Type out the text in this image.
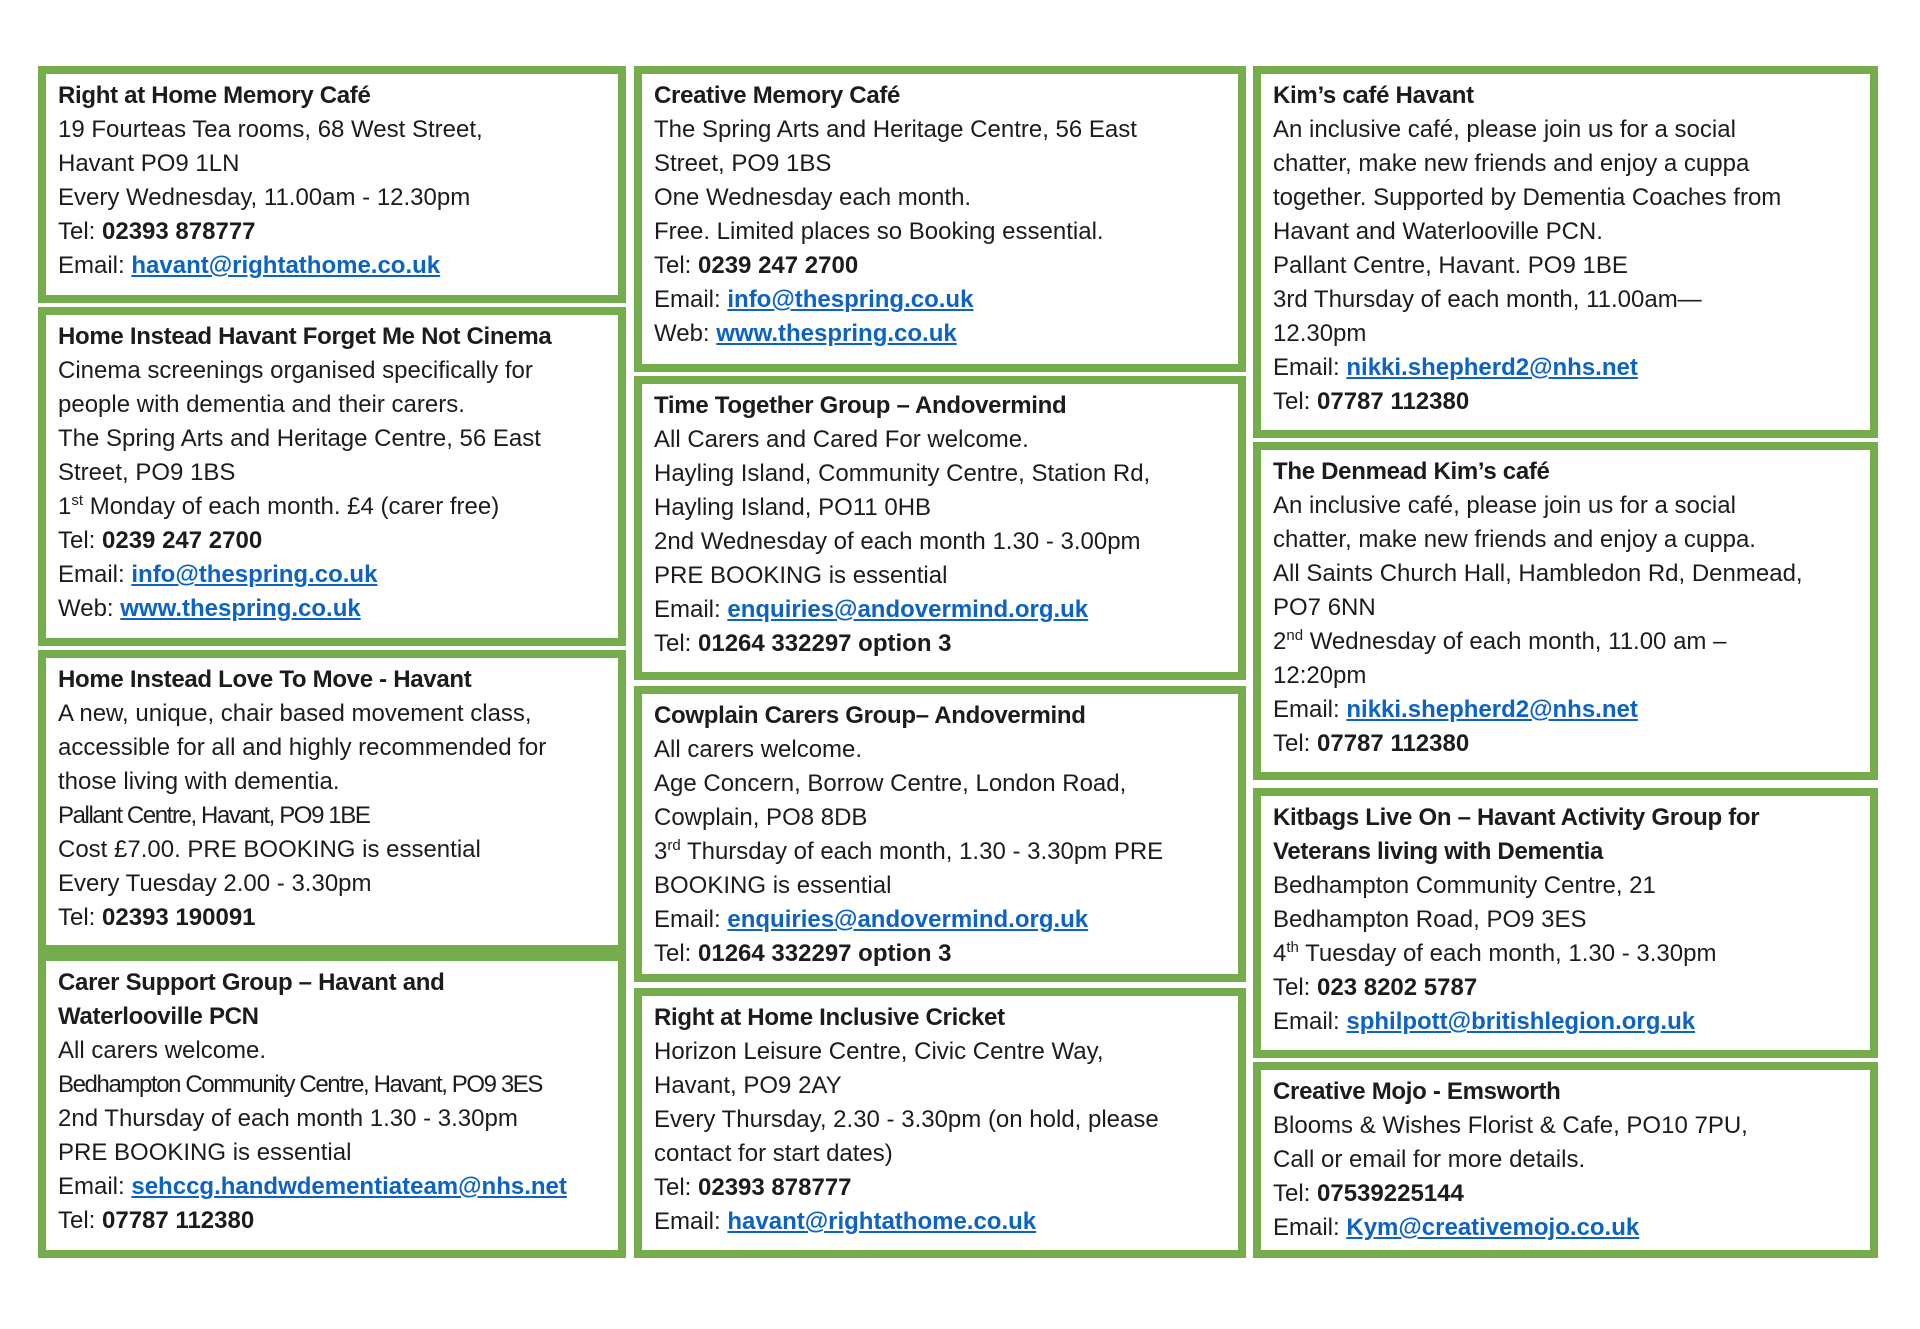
Right at Home Memory Café
19 Fourteas Tea rooms, 68 West Street,
Havant PO9 1LN
Every Wednesday, 11.00am - 12.30pm
Tel: 02393 878777
Email: havant@rightathome.co.uk
Home Instead Havant Forget Me Not Cinema
Cinema screenings organised specifically for
people with dementia and their carers.
The Spring Arts and Heritage Centre, 56 East
Street, PO9 1BS
1st Monday of each month. £4 (carer free)
Tel: 0239 247 2700
Email: info@thespring.co.uk
Web: www.thespring.co.uk
Home Instead Love To Move - Havant
A new, unique, chair based movement class,
accessible for all and highly recommended for
those living with dementia.
Pallant Centre, Havant, PO9 1BE
Cost £7.00. PRE BOOKING is essential
Every Tuesday 2.00 - 3.30pm
Tel: 02393 190091
Carer Support Group – Havant and
Waterlooville PCN
All carers welcome.
Bedhampton Community Centre, Havant, PO9 3ES
2nd Thursday of each month 1.30 - 3.30pm
PRE BOOKING is essential
Email: sehccg.handwdementiateam@nhs.net
Tel: 07787 112380
Creative Memory Café
The Spring Arts and Heritage Centre, 56 East
Street, PO9 1BS
One Wednesday each month.
Free. Limited places so Booking essential.
Tel: 0239 247 2700
Email: info@thespring.co.uk
Web: www.thespring.co.uk
Time Together Group – Andovermind
All Carers and Cared For welcome.
Hayling Island, Community Centre, Station Rd,
Hayling Island, PO11 0HB
2nd Wednesday of each month 1.30 - 3.00pm
PRE BOOKING is essential
Email: enquiries@andovermind.org.uk
Tel: 01264 332297 option 3
Cowplain Carers Group– Andovermind
All carers welcome.
Age Concern, Borrow Centre, London Road,
Cowplain, PO8 8DB
3rd Thursday of each month, 1.30 - 3.30pm PRE
BOOKING is essential
Email: enquiries@andovermind.org.uk
Tel: 01264 332297 option 3
Right at Home Inclusive Cricket
Horizon Leisure Centre, Civic Centre Way,
Havant, PO9 2AY
Every Thursday, 2.30 - 3.30pm (on hold, please
contact for start dates)
Tel: 02393 878777
Email: havant@rightathome.co.uk
Kim’s café Havant
An inclusive café, please join us for a social
chatter, make new friends and enjoy a cuppa
together. Supported by Dementia Coaches from
Havant and Waterlooville PCN.
Pallant Centre, Havant. PO9 1BE
3rd Thursday of each month, 11.00am—
12.30pm
Email: nikki.shepherd2@nhs.net
Tel: 07787 112380
The Denmead Kim’s café
An inclusive café, please join us for a social
chatter, make new friends and enjoy a cuppa.
All Saints Church Hall, Hambledon Rd, Denmead,
PO7 6NN
2nd Wednesday of each month, 11.00 am –
12:20pm
Email: nikki.shepherd2@nhs.net
Tel: 07787 112380
Kitbags Live On – Havant Activity Group for
Veterans living with Dementia
Bedhampton Community Centre, 21
Bedhampton Road, PO9 3ES
4th Tuesday of each month, 1.30 - 3.30pm
Tel: 023 8202 5787
Email: sphilpott@britishlegion.org.uk
Creative Mojo - Emsworth
Blooms & Wishes Florist & Cafe, PO10 7PU,
Call or email for more details.
Tel: 07539225144
Email: Kym@creativemojo.co.uk
